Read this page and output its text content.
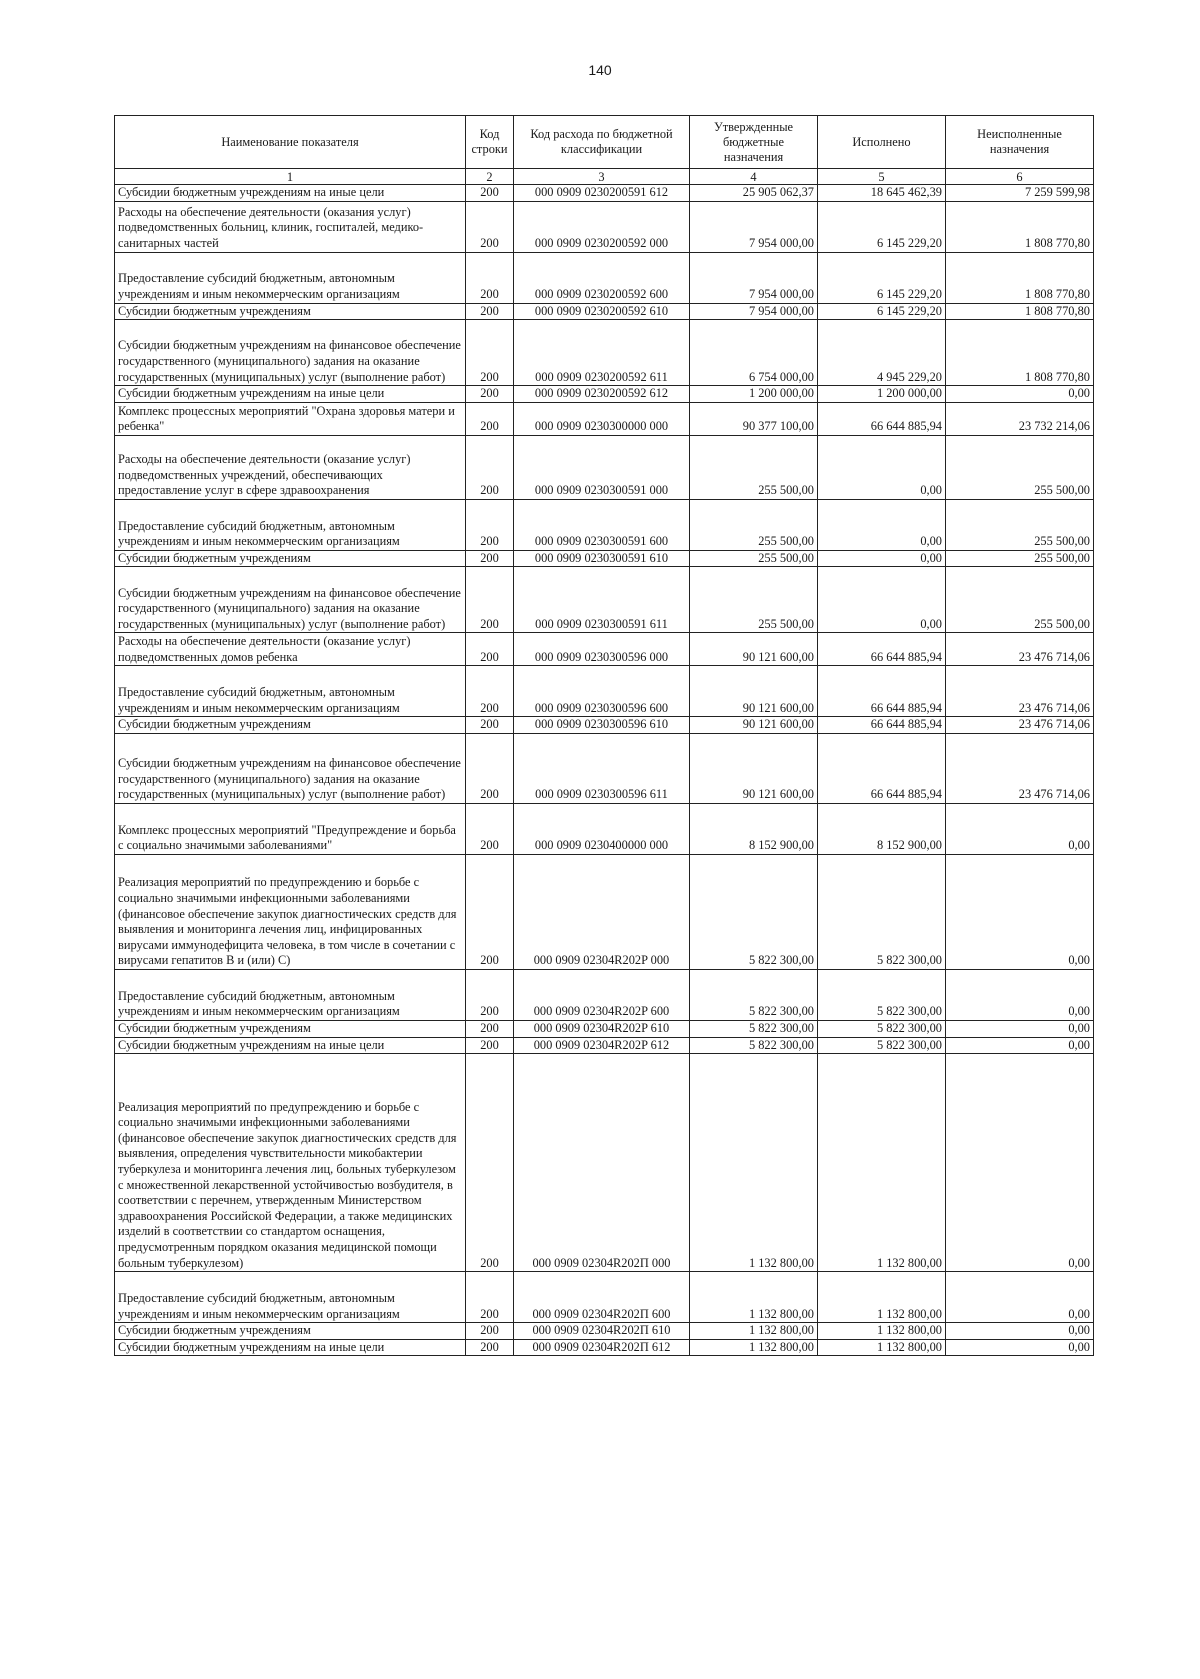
140
Наименование показателя	Код строки	Код расхода по бюджетной классификации	Утвержденные бюджетные назначения	Исполнено	Неисполненные назначения
1	2	3	4	5	6
Субсидии бюджетным учреждениям на иные цели	200	000 0909 0230200591 612	25 905 062,37	18 645 462,39	7 259 599,98
Расходы на обеспечение деятельности (оказания услуг) подведомственных больниц, клиник, госпиталей, медико-санитарных частей	200	000 0909 0230200592 000	7 954 000,00	6 145 229,20	1 808 770,80
Предоставление субсидий бюджетным, автономным учреждениям и иным некоммерческим организациям	200	000 0909 0230200592 600	7 954 000,00	6 145 229,20	1 808 770,80
Субсидии бюджетным учреждениям	200	000 0909 0230200592 610	7 954 000,00	6 145 229,20	1 808 770,80
Субсидии бюджетным учреждениям на финансовое обеспечение государственного (муниципального) задания на оказание государственных (муниципальных) услуг (выполнение работ)	200	000 0909 0230200592 611	6 754 000,00	4 945 229,20	1 808 770,80
Субсидии бюджетным учреждениям на иные цели	200	000 0909 0230200592 612	1 200 000,00	1 200 000,00	0,00
Комплекс процессных мероприятий "Охрана здоровья матери и ребенка"	200	000 0909 0230300000 000	90 377 100,00	66 644 885,94	23 732 214,06
Расходы на обеспечение деятельности (оказание услуг) подведомственных учреждений, обеспечивающих предоставление услуг в сфере здравоохранения	200	000 0909 0230300591 000	255 500,00	0,00	255 500,00
Предоставление субсидий бюджетным, автономным учреждениям и иным некоммерческим организациям	200	000 0909 0230300591 600	255 500,00	0,00	255 500,00
Субсидии бюджетным учреждениям	200	000 0909 0230300591 610	255 500,00	0,00	255 500,00
Субсидии бюджетным учреждениям на финансовое обеспечение государственного (муниципального) задания на оказание государственных (муниципальных) услуг (выполнение работ)	200	000 0909 0230300591 611	255 500,00	0,00	255 500,00
Расходы на обеспечение деятельности (оказание услуг) подведомственных домов ребенка	200	000 0909 0230300596 000	90 121 600,00	66 644 885,94	23 476 714,06
Предоставление субсидий бюджетным, автономным учреждениям и иным некоммерческим организациям	200	000 0909 0230300596 600	90 121 600,00	66 644 885,94	23 476 714,06
Субсидии бюджетным учреждениям	200	000 0909 0230300596 610	90 121 600,00	66 644 885,94	23 476 714,06
Субсидии бюджетным учреждениям на финансовое обеспечение государственного (муниципального) задания на оказание государственных (муниципальных) услуг (выполнение работ)	200	000 0909 0230300596 611	90 121 600,00	66 644 885,94	23 476 714,06
Комплекс процессных мероприятий "Предупреждение и борьба с социально значимыми заболеваниями"	200	000 0909 0230400000 000	8 152 900,00	8 152 900,00	0,00
Реализация мероприятий по предупреждению и борьбе с социально значимыми инфекционными заболеваниями (финансовое обеспечение закупок диагностических средств для выявления и мониторинга лечения лиц, инфицированных вирусами иммунодефицита человека, в том числе в сочетании с вирусами гепатитов B и (или) C)	200	000 0909 02304R202P 000	5 822 300,00	5 822 300,00	0,00
Предоставление субсидий бюджетным, автономным учреждениям и иным некоммерческим организациям	200	000 0909 02304R202P 600	5 822 300,00	5 822 300,00	0,00
Субсидии бюджетным учреждениям	200	000 0909 02304R202P 610	5 822 300,00	5 822 300,00	0,00
Субсидии бюджетным учреждениям на иные цели	200	000 0909 02304R202P 612	5 822 300,00	5 822 300,00	0,00
Реализация мероприятий по предупреждению и борьбе с социально значимыми инфекционными заболеваниями (финансовое обеспечение закупок диагностических средств для выявления, определения чувствительности микобактерии туберкулеза и мониторинга лечения лиц, больных туберкулезом с множественной лекарственной устойчивостью возбудителя, в соответствии с перечнем, утвержденным Министерством здравоохранения Российской Федерации, а также медицинских изделий в соответствии со стандартом оснащения, предусмотренным порядком оказания медицинской помощи больным туберкулезом)	200	000 0909 02304R202П 000	1 132 800,00	1 132 800,00	0,00
Предоставление субсидий бюджетным, автономным учреждениям и иным некоммерческим организациям	200	000 0909 02304R202П 600	1 132 800,00	1 132 800,00	0,00
Субсидии бюджетным учреждениям	200	000 0909 02304R202П 610	1 132 800,00	1 132 800,00	0,00
Субсидии бюджетным учреждениям на иные цели	200	000 0909 02304R202П 612	1 132 800,00	1 132 800,00	0,00
